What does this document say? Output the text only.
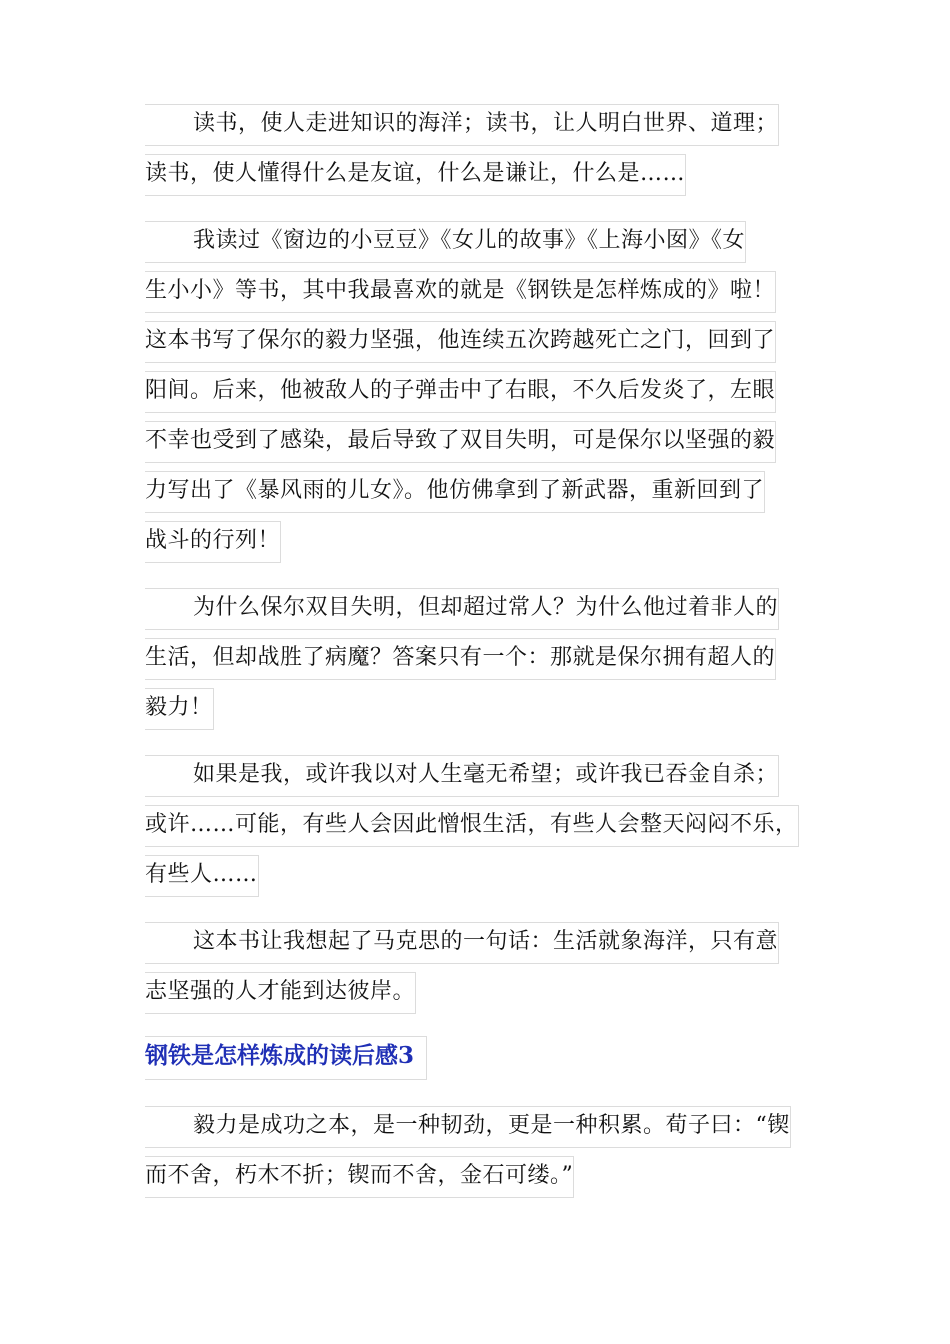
读书，使人走进知识的海洋；读书，让人明白世界、道理；
读书，使人懂得什么是友谊，什么是谦让，什么是……
我读过《窗边的小豆豆》《女儿的故事》《上海小囡》《女
生小小》等书，其中我最喜欢的就是《钢铁是怎样炼成的》啦！
这本书写了保尔的毅力坚强，他连续五次跨越死亡之门，回到了
阳间。后来，他被敌人的子弹击中了右眼，不久后发炎了，左眼
不幸也受到了感染，最后导致了双目失明，可是保尔以坚强的毅
力写出了《暴风雨的儿女》。他仿佛拿到了新武器，重新回到了
战斗的行列！
为什么保尔双目失明，但却超过常人？为什么他过着非人的
生活，但却战胜了病魔？答案只有一个：那就是保尔拥有超人的
毅力！
如果是我，或许我以对人生毫无希望；或许我已吞金自杀；
或许……可能，有些人会因此憎恨生活，有些人会整天闷闷不乐，
有些人……
这本书让我想起了马克思的一句话：生活就象海洋，只有意
志坚强的人才能到达彼岸。
钢铁是怎样炼成的读后感3
毅力是成功之本，是一种韧劲，更是一种积累。荀子曰：“锲
而不舍，朽木不折；锲而不舍，金石可缕。”
